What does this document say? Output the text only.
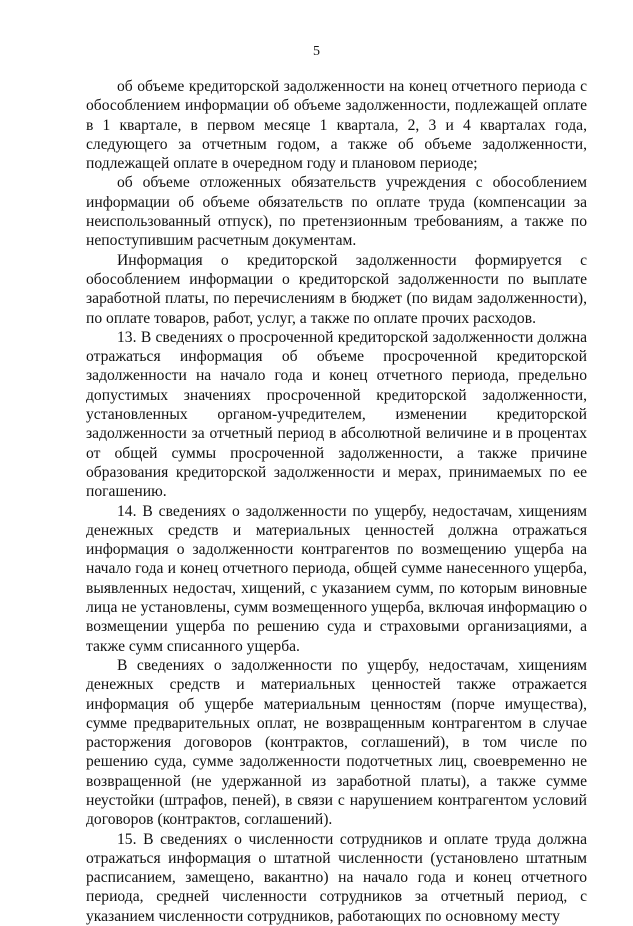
5

об объеме кредиторской задолженности на конец отчетного периода с обособлением информации об объеме задолженности, подлежащей оплате в 1 квартале, в первом месяце 1 квартала, 2, 3 и 4 кварталах года, следующего за отчетным годом, а также об объеме задолженности, подлежащей оплате в очередном году и плановом периоде;

об объеме отложенных обязательств учреждения с обособлением информации об объеме обязательств по оплате труда (компенсации за неиспользованный отпуск), по претензионным требованиям, а также по непоступившим расчетным документам.

Информация о кредиторской задолженности формируется с обособлением информации о кредиторской задолженности по выплате заработной платы, по перечислениям в бюджет (по видам задолженности), по оплате товаров, работ, услуг, а также по оплате прочих расходов.

13. В сведениях о просроченной кредиторской задолженности должна отражаться информация об объеме просроченной кредиторской задолженности на начало года и конец отчетного периода, предельно допустимых значениях просроченной кредиторской задолженности, установленных органом-учредителем, изменении кредиторской задолженности за отчетный период в абсолютной величине и в процентах от общей суммы просроченной задолженности, а также причине образования кредиторской задолженности и мерах, принимаемых по ее погашению.

14. В сведениях о задолженности по ущербу, недостачам, хищениям денежных средств и материальных ценностей должна отражаться информация о задолженности контрагентов по возмещению ущерба на начало года и конец отчетного периода, общей сумме нанесенного ущерба, выявленных недостач, хищений, с указанием сумм, по которым виновные лица не установлены, сумм возмещенного ущерба, включая информацию о возмещении ущерба по решению суда и страховыми организациями, а также сумм списанного ущерба.

В сведениях о задолженности по ущербу, недостачам, хищениям денежных средств и материальных ценностей также отражается информация об ущербе материальным ценностям (порче имущества), сумме предварительных оплат, не возвращенным контрагентом в случае расторжения договоров (контрактов, соглашений), в том числе по решению суда, сумме задолженности подотчетных лиц, своевременно не возвращенной (не удержанной из заработной платы), а также сумме неустойки (штрафов, пеней), в связи с нарушением контрагентом условий договоров (контрактов, соглашений).

15. В сведениях о численности сотрудников и оплате труда должна отражаться информация о штатной численности (установлено штатным расписанием, замещено, вакантно) на начало года и конец отчетного периода, средней численности сотрудников за отчетный период, с указанием численности сотрудников, работающих по основному месту
